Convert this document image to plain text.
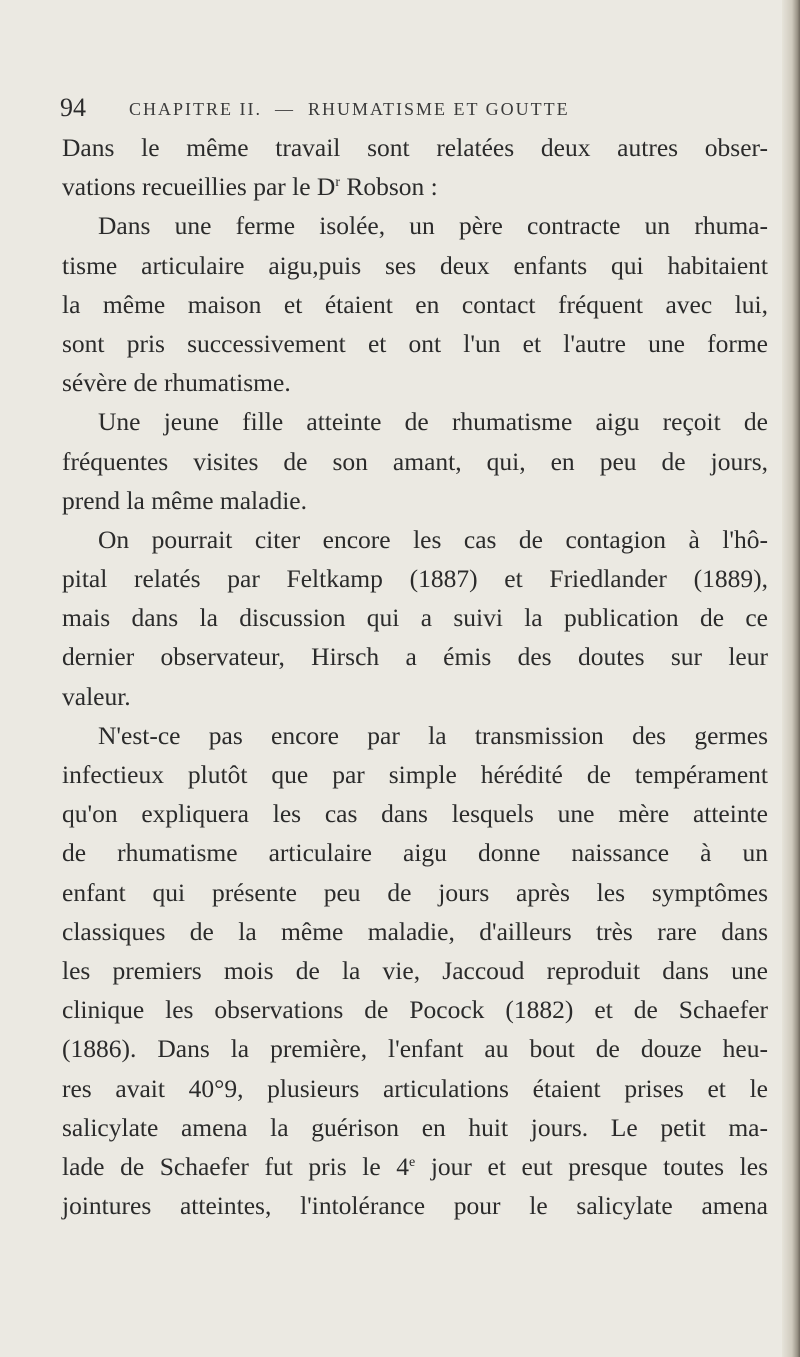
94 CHAPITRE II.  —  RHUMATISME ET GOUTTE
Dans le même travail sont relatées deux autres obser-
vations recueillies par le $D^r$ Robson :
Dans une ferme isolée, un père contracte un rhuma-
tisme articulaire aigu,puis ses deux enfants qui habitaient
la même maison et étaient en contact fréquent avec lui,
sont pris successivement et ont l'un et l'autre une forme
sévère de rhumatisme.
Une jeune fille atteinte de rhumatisme aigu reçoit de
fréquentes visites de son amant, qui, en peu de jours,
prend la même maladie.
On pourrait citer encore les cas de contagion à l'hô-
pital relatés par Feltkamp (1887) et Friedlander (1889),
mais dans la discussion qui a suivi la publication de ce
dernier observateur, Hirsch a émis des doutes sur leur
valeur.
N'est-ce pas encore par la transmission des germes
infectieux plutôt que par simple hérédité de tempérament
qu'on expliquera les cas dans lesquels une mère atteinte
de rhumatisme articulaire aigu donne naissance à un
enfant qui présente peu de jours après les symptômes
classiques de la même maladie, d'ailleurs très rare dans
les premiers mois de la vie, Jaccoud reproduit dans une
clinique les observations de Pocock (1882) et de Schaefer
(1886). Dans la première, l'enfant au bout de douze heu-
res avait 40°9, plusieurs articulations étaient prises et le
salicylate amena la guérison en huit jours. Le petit ma-
lade de Schaefer fut pris le 4e jour et eut presque toutes les
jointures atteintes, l'intolérance pour le salicylate amena
